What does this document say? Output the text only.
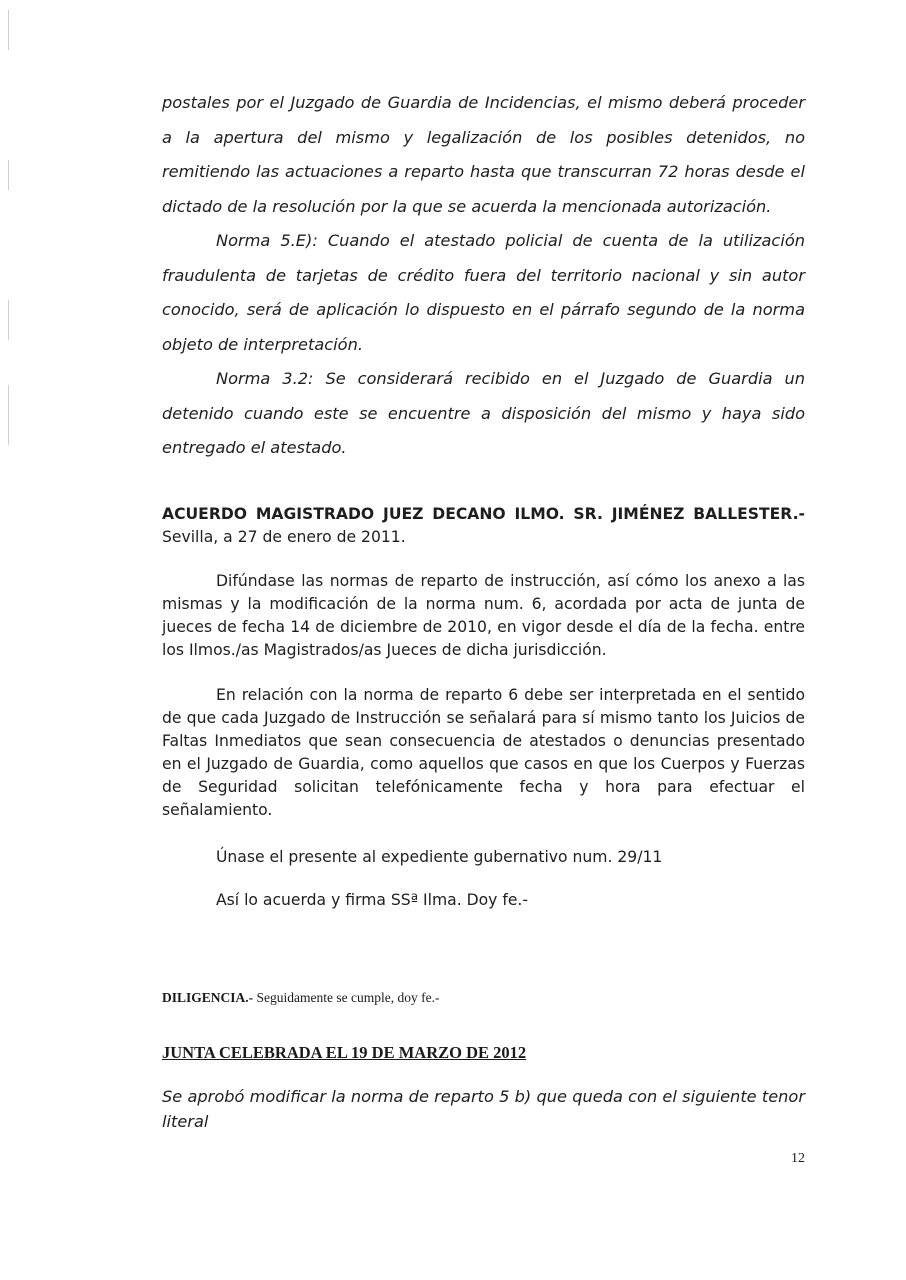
postales por el Juzgado de Guardia de Incidencias, el mismo deberá proceder a la apertura del mismo y legalización de los posibles detenidos, no remitiendo las actuaciones a reparto hasta que transcurran 72 horas desde el dictado de la resolución por la que se acuerda la mencionada autorización.

Norma 5.E): Cuando el atestado policial de cuenta de la utilización fraudulenta de tarjetas de crédito fuera del territorio nacional y sin autor conocido, será de aplicación lo dispuesto en el párrafo segundo de la norma objeto de interpretación.

Norma 3.2: Se considerará recibido en el Juzgado de Guardia un detenido cuando este se encuentre a disposición del mismo y haya sido entregado el atestado.

ACUERDO MAGISTRADO JUEZ DECANO ILMO. SR. JIMÉNEZ BALLESTER.- Sevilla, a 27 de enero de 2011.

Difúndase las normas de reparto de instrucción, así cómo los anexo a las mismas y la modificación de la norma num. 6, acordada por acta de junta de jueces de fecha 14 de diciembre de 2010, en vigor desde el día de la fecha. entre los Ilmos./as Magistrados/as Jueces de dicha jurisdicción.

En relación con la norma de reparto 6 debe ser interpretada en el sentido de que cada Juzgado de Instrucción se señalará para sí mismo tanto los Juicios de Faltas Inmediatos que sean consecuencia de atestados o denuncias presentado en el Juzgado de Guardia, como aquellos que casos en que los Cuerpos y Fuerzas de Seguridad solicitan telefónicamente fecha y hora para efectuar el señalamiento.

Únase el presente al expediente gubernativo num. 29/11

Así lo acuerda y firma SSª Ilma. Doy fe.-

DILIGENCIA.- Seguidamente se cumple, doy fe.-

JUNTA CELEBRADA EL 19 DE MARZO DE 2012

Se aprobó modificar la norma de reparto 5 b) que queda con el siguiente tenor literal

12
